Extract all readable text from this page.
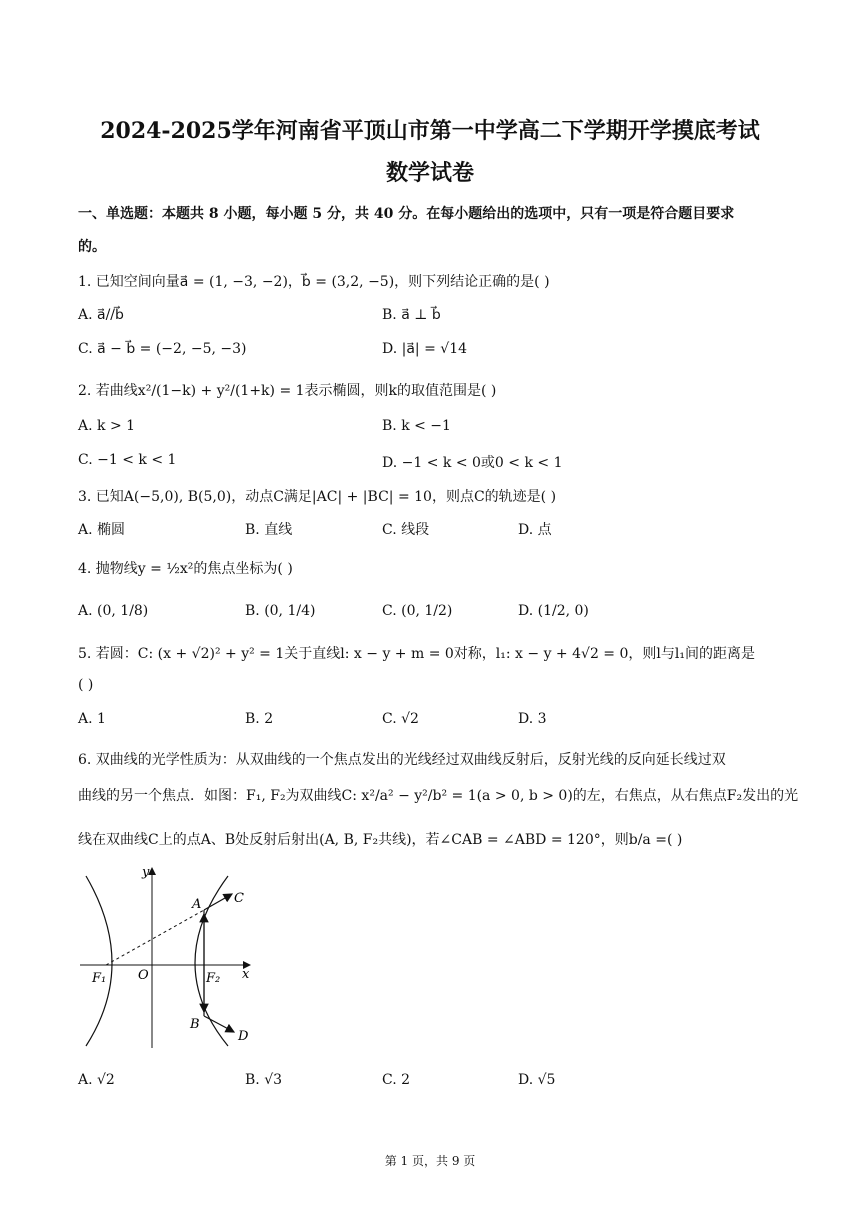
2024-2025学年河南省平顶山市第一中学高二下学期开学摸底考试
数学试卷
一、单选题：本题共 8 小题，每小题 5 分，共 40 分。在每小题给出的选项中，只有一项是符合题目要求
的。
1. 已知空间向量a⃗ = (1, −3, −2)，b⃗ = (3,2, −5)，则下列结论正确的是( )
A. a⃗//b⃗	B. a⃗ ⊥ b⃗
C. a⃗ − b⃗ = (−2, −5, −3)	D. |a⃗| = √14
2. 若曲线x²/(1−k) + y²/(1+k) = 1表示椭圆，则k的取值范围是( )
A. k > 1	B. k < −1
C. −1 < k < 1	D. −1 < k < 0或0 < k < 1
3. 已知A(−5,0), B(5,0)，动点C满足|AC| + |BC| = 10，则点C的轨迹是( )
A. 椭圆	B. 直线	C. 线段	D. 点
4. 抛物线y = ½x²的焦点坐标为( )
A. (0, 1/8)	B. (0, 1/4)	C. (0, 1/2)	D. (1/2, 0)
5. 若圆：C: (x + √2)² + y² = 1关于直线l: x − y + m = 0对称，l₁: x − y + 4√2 = 0，则l与l₁间的距离是
( )
A. 1	B. 2	C. √2	D. 3
6. 双曲线的光学性质为：从双曲线的一个焦点发出的光线经过双曲线反射后，反射光线的反向延长线过双
曲线的另一个焦点．如图：F₁, F₂为双曲线C: x²/a² − y²/b² = 1(a > 0, b > 0)的左，右焦点，从右焦点F₂发出的光
线在双曲线C上的点A、B处反射后射出(A, B, F₂共线)，若∠CAB = ∠ABD = 120°，则b/a =( )
y
x
O
A
B
C
D
F₁	F₂
A. √2	B. √3	C. 2	D. √5
第 1 页，共 9 页
